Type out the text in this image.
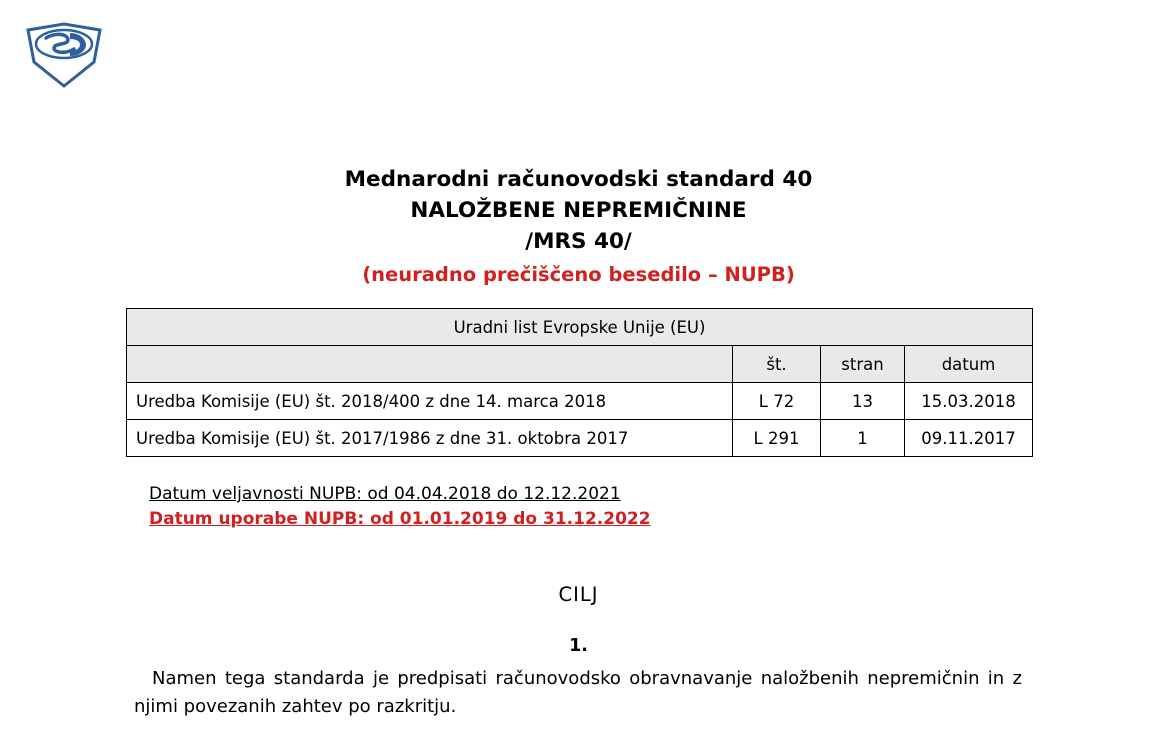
Mednarodni računovodski standard 40
NALOŽBENE NEPREMIČNINE
/MRS 40/
(neuradno prečiščeno besedilo – NUPB)
Uradni list Evropske Unije (EU)			
	št.	stran	datum
Uredba Komisije (EU) št. 2018/400 z dne 14. marca 2018	L 72	13	15.03.2018
Uredba Komisije (EU) št. 2017/1986 z dne 31. oktobra 2017	L 291	1	09.11.2017
Datum veljavnosti NUPB: od 04.04.2018 do 12.12.2021
Datum uporabe NUPB: od 01.01.2019 do 31.12.2022
CILJ
1.
Namen tega standarda je predpisati računovodsko obravnavanje naložbenih nepremičnin in z njimi povezanih zahtev po razkritju.
